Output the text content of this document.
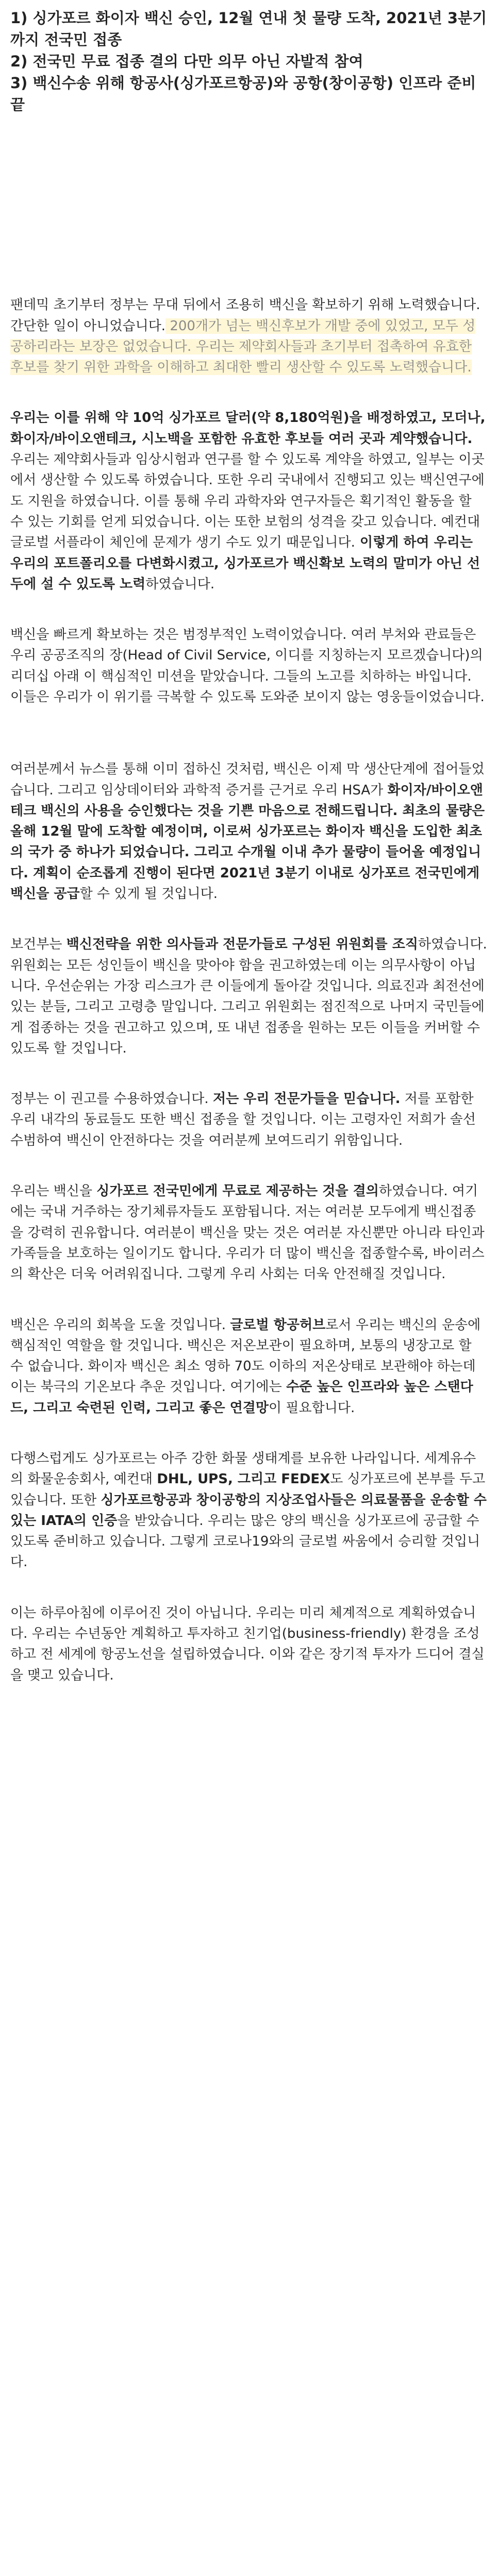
1) 싱가포르 화이자 백신 승인, 12월 연내 첫 물량 도착, 2021년 3분기까지 전국민 접종

2) 전국민 무료 접종 결의 다만 의무 아닌 자발적 참여

3) 백신수송 위해 항공사(싱가포르항공)와 공항(창이공항) 인프라 준비 끝

팬데믹 초기부터 정부는 무대 뒤에서 조용히 백신을 확보하기 위해 노력했습니다. 간단한 일이 아니었습니다. 200개가 넘는 백신후보가 개발 중에 있었고, 모두 성공하리라는 보장은 없었습니다. 우리는 제약회사들과 초기부터 접촉하여 유효한 후보를 찾기 위한 과학을 이해하고 최대한 빨리 생산할 수 있도록 노력했습니다.

우리는 이를 위해 약 10억 싱가포르 달러(약 8,180억원)을 배정하였고, 모더나, 화이자/바이오앤테크, 시노백을 포함한 유효한 후보들 여러 곳과 계약했습니다. 우리는 제약회사들과 임상시험과 연구를 할 수 있도록 계약을 하였고, 일부는 이곳에서 생산할 수 있도록 하였습니다. 또한 우리 국내에서 진행되고 있는 백신연구에도 지원을 하였습니다. 이를 통해 우리 과학자와 연구자들은 획기적인 활동을 할 수 있는 기회를 얻게 되었습니다. 이는 또한 보험의 성격을 갖고 있습니다. 예컨대 글로벌 서플라이 체인에 문제가 생기 수도 있기 때문입니다. 이렇게 하여 우리는 우리의 포트폴리오를 다변화시켰고, 싱가포르가 백신확보 노력의 말미가 아닌 선두에 설 수 있도록 노력하였습니다.

백신을 빠르게 확보하는 것은 범정부적인 노력이었습니다. 여러 부처와 관료들은 우리 공공조직의 장(Head of Civil Service, 이디를 지칭하는지 모르겠습니다)의 리더십 아래 이 핵심적인 미션을 맡았습니다. 그들의 노고를 치하하는 바입니다. 이들은 우리가 이 위기를 극복할 수 있도록 도와준 보이지 않는 영웅들이었습니다.

여러분께서 뉴스를 통해 이미 접하신 것처럼, 백신은 이제 막 생산단계에 접어들었습니다. 그리고 임상데이터와 과학적 증거를 근거로 우리 HSA가 화이자/바이오앤테크 백신의 사용을 승인했다는 것을 기쁜 마음으로 전해드립니다. 최초의 물량은 올해 12월 말에 도착할 예정이며, 이로써 싱가포르는 화이자 백신을 도입한 최초의 국가 중 하나가 되었습니다. 그리고 수개월 이내 추가 물량이 들어올 예정입니다. 계획이 순조롭게 진행이 된다면 2021년 3분기 이내로 싱가포르 전국민에게 백신을 공급할 수 있게 될 것입니다.

보건부는 백신전략을 위한 의사들과 전문가들로 구성된 위원회를 조직하였습니다. 위원회는 모든 성인들이 백신을 맞아야 함을 권고하였는데 이는 의무사항이 아닙니다. 우선순위는 가장 리스크가 큰 이들에게 돌아갈 것입니다. 의료진과 최전선에 있는 분들, 그리고 고령층 말입니다. 그리고 위원회는 점진적으로 나머지 국민들에게 접종하는 것을 권고하고 있으며, 또 내년 접종을 원하는 모든 이들을 커버할 수 있도록 할 것입니다.

정부는 이 권고를 수용하였습니다. 저는 우리 전문가들을 믿습니다. 저를 포함한 우리 내각의 동료들도 또한 백신 접종을 할 것입니다. 이는 고령자인 저희가 솔선수범하여 백신이 안전하다는 것을 여러분께 보여드리기 위함입니다.

우리는 백신을 싱가포르 전국민에게 무료로 제공하는 것을 결의하였습니다. 여기에는 국내 거주하는 장기체류자들도 포함됩니다. 저는 여러분 모두에게 백신접종을 강력히 권유합니다. 여러분이 백신을 맞는 것은 여러분 자신뿐만 아니라 타인과 가족들을 보호하는 일이기도 합니다. 우리가 더 많이 백신을 접종할수록, 바이러스의 확산은 더욱 어려워집니다. 그렇게 우리 사회는 더욱 안전해질 것입니다.

백신은 우리의 회복을 도울 것입니다. 글로벌 항공허브로서 우리는 백신의 운송에 핵심적인 역할을 할 것입니다. 백신은 저온보관이 필요하며, 보통의 냉장고로 할 수 없습니다. 화이자 백신은 최소 영하 70도 이하의 저온상태로 보관해야 하는데 이는 북극의 기온보다 추운 것입니다. 여기에는 수준 높은 인프라와 높은 스탠다드, 그리고 숙련된 인력, 그리고 좋은 연결망이 필요합니다.

다행스럽게도 싱가포르는 아주 강한 화물 생태계를 보유한 나라입니다. 세계유수의 화물운송회사, 예컨대 DHL, UPS, 그리고 FEDEX도 싱가포르에 본부를 두고 있습니다. 또한 싱가포르항공과 창이공항의 지상조업사들은 의료물품을 운송할 수 있는 IATA의 인증을 받았습니다. 우리는 많은 양의 백신을 싱가포르에 공급할 수 있도록 준비하고 있습니다. 그렇게 코로나19와의 글로벌 싸움에서 승리할 것입니다.

이는 하루아침에 이루어진 것이 아닙니다. 우리는 미리 체계적으로 계획하였습니다. 우리는 수년동안 계획하고 투자하고 친기업(business-friendly) 환경을 조성하고 전 세계에 항공노선을 설립하였습니다. 이와 같은 장기적 투자가 드디어 결실을 맺고 있습니다.
